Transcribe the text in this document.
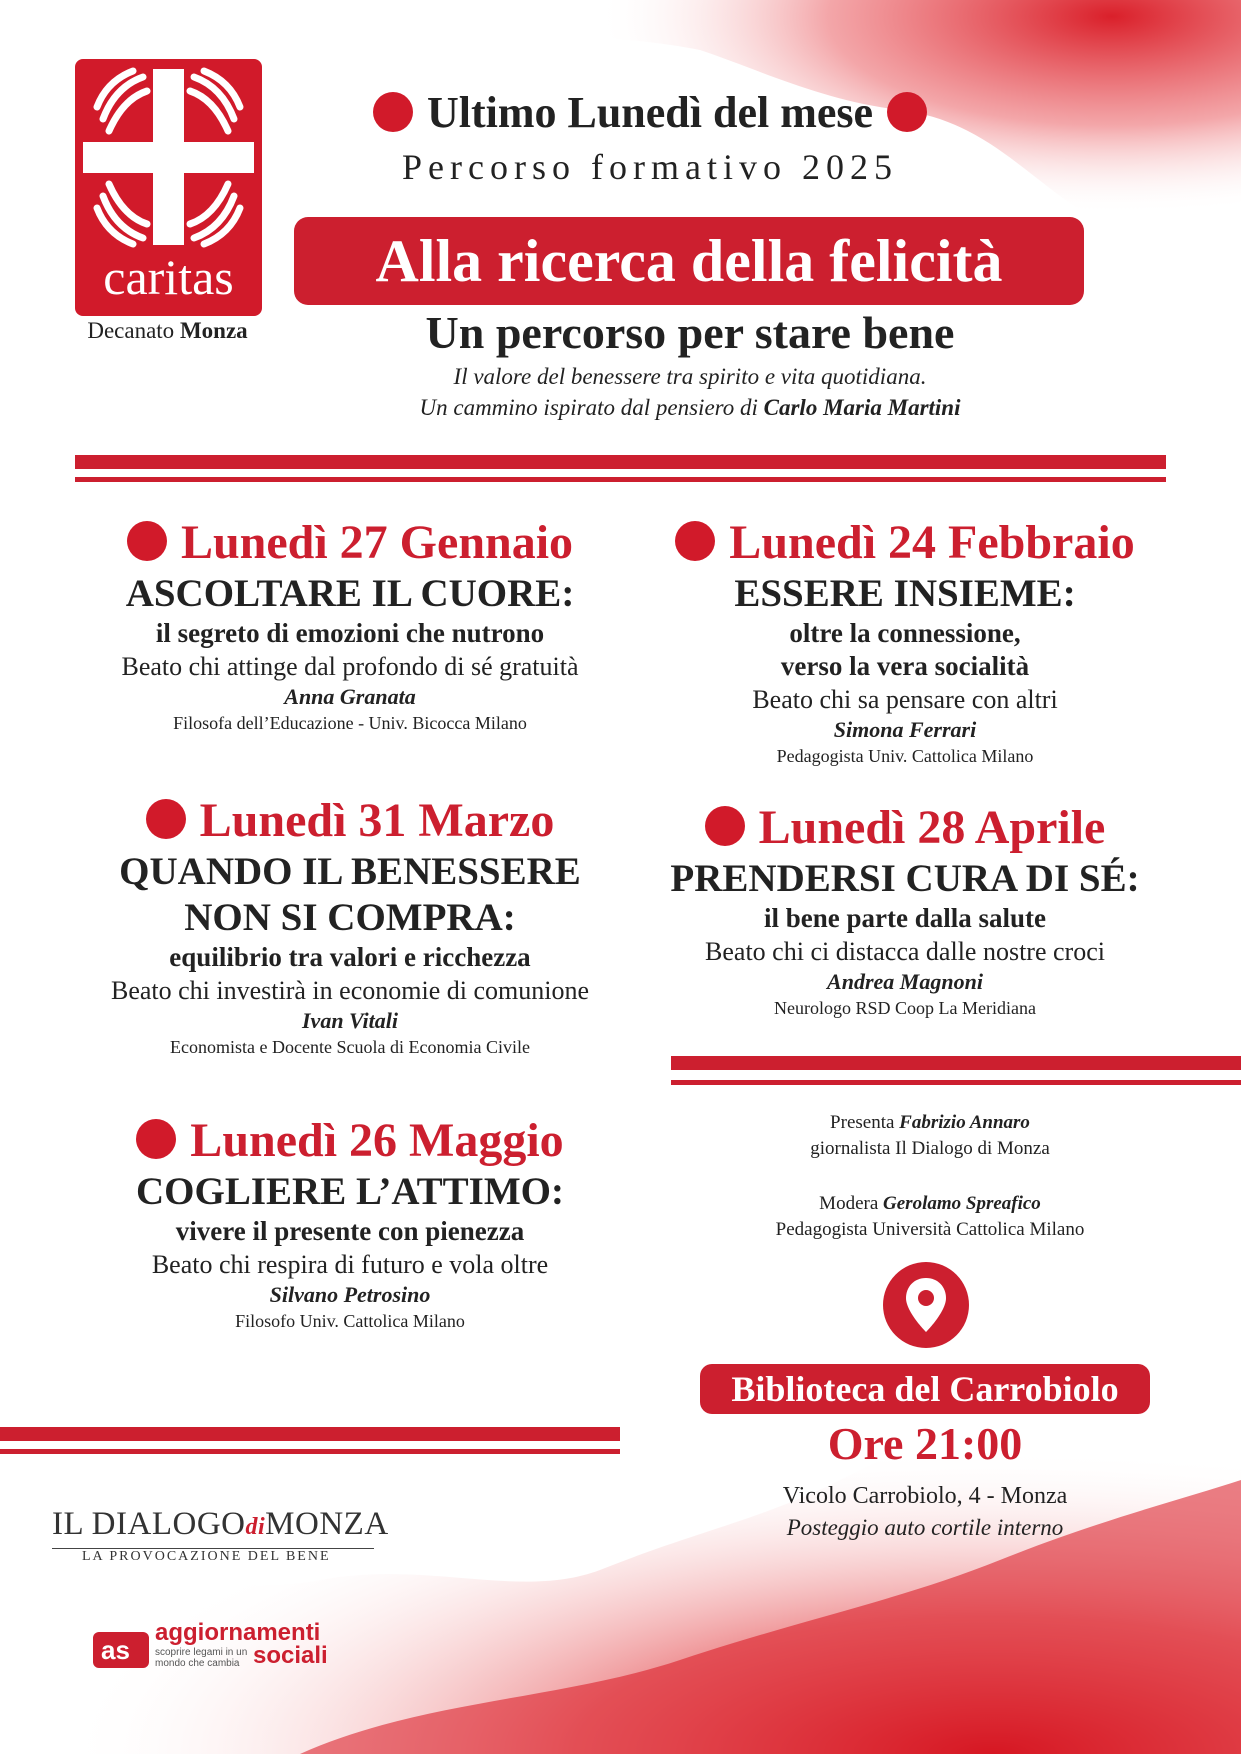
caritas
Decanato Monza
Ultimo Lunedì del mese
Percorso formativo 2025
Alla ricerca della felicità
Un percorso per stare bene
Il valore del benessere tra spirito e vita quotidiana.
Un cammino ispirato dal pensiero di Carlo Maria Martini
Lunedì 27 Gennaio
ASCOLTARE IL CUORE:
il segreto di emozioni che nutrono
Beato chi attinge dal profondo di sé gratuità
Anna Granata
Filosofa dell’Educazione - Univ. Bicocca Milano
Lunedì 24 Febbraio
ESSERE INSIEME:
oltre la connessione,
verso la vera socialità
Beato chi sa pensare con altri
Simona Ferrari
Pedagogista Univ. Cattolica Milano
Lunedì 31 Marzo
QUANDO IL BENESSERE
NON SI COMPRA:
equilibrio tra valori e ricchezza
Beato chi investirà in economie di comunione
Ivan Vitali
Economista e Docente Scuola di Economia Civile
Lunedì 28 Aprile
PRENDERSI CURA DI SÉ:
il bene parte dalla salute
Beato chi ci distacca dalle nostre croci
Andrea Magnoni
Neurologo RSD Coop La Meridiana
Lunedì 26 Maggio
COGLIERE L’ATTIMO:
vivere il presente con pienezza
Beato chi respira di futuro e vola oltre
Silvano Petrosino
Filosofo Univ. Cattolica Milano
Presenta Fabrizio Annaro
giornalista Il Dialogo di Monza
Modera Gerolamo Spreafico
Pedagogista Università Cattolica Milano
Biblioteca del Carrobiolo
Ore 21:00
Vicolo Carrobiolo, 4 - Monza
Posteggio auto cortile interno
IL DIALOGOdiMONZA
LA PROVOCAZIONE DEL BENE
as
aggiornamenti
scoprire legami in un
mondo che cambia sociali
